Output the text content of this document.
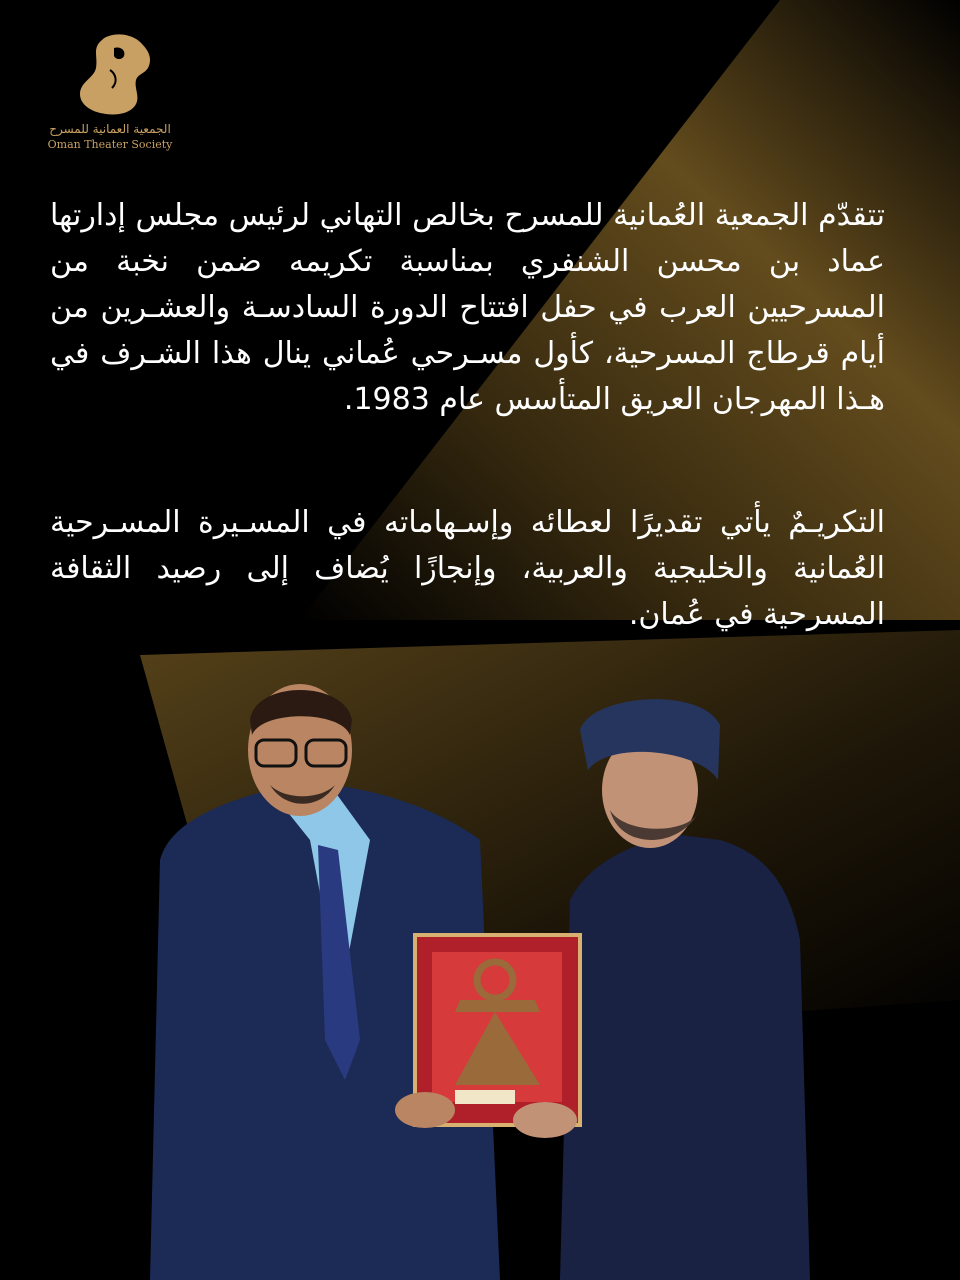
الجمعية العمانية للمسرح
Oman Theater Society
تتقدّم الجمعية العُمانية للمسرح بخالص التهاني لرئيس مجلس إدارتها عماد بن محسن الشنفري بمناسبة تكريمه ضمن نخبة من المسرحيين العرب في حفل افتتاح الدورة السادسـة والعشـرين من أيام قرطاج المسرحية، كأول مسـرحي عُماني ينال هذا الشـرف في هـذا المهرجان العريق المتأسس عام 1983.
التكريـمٌ يأتي تقديرًا لعطائه وإسـهاماته في المسـيرة المسـرحية العُمانية والخليجية والعربية، وإنجازًا يُضاف إلى رصيد الثقافة المسرحية في عُمان.
